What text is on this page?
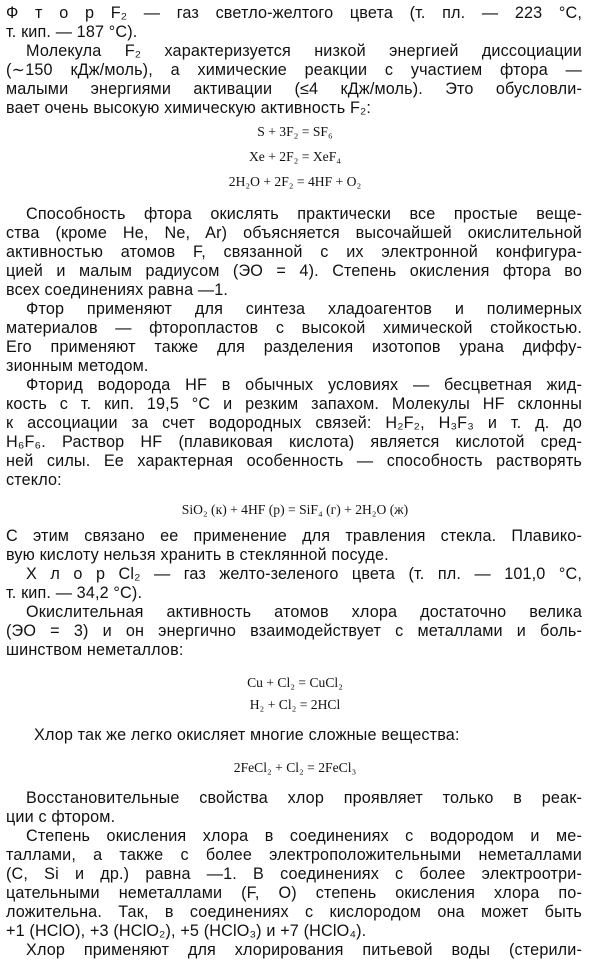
Ф т о р F₂ — газ светло-желтого цвета (т. пл. — 223 °С,
т. кип. — 187 °С).
Молекула F₂ характеризуется низкой энергией диссоциации
(∼150 кДж/моль), а химические реакции с участием фтора —
малыми энергиями активации (≤4 кДж/моль). Это обусловли-
вает очень высокую химическую активность F₂:
S + 3F₂ = SF₆
Xe + 2F₂ = XeF₄
2H₂O + 2F₂ = 4HF + O₂
Способность фтора окислять практически все простые веще-
ства (кроме He, Ne, Ar) объясняется высочайшей окислительной
активностью атомов F, связанной с их электронной конфигура-
цией и малым радиусом (ЭО = 4). Степень окисления фтора во
всех соединениях равна —1.
Фтор применяют для синтеза хладоагентов и полимерных
материалов — фторопластов с высокой химической стойкостью.
Его применяют также для разделения изотопов урана диффу-
зионным методом.
Фторид водорода HF в обычных условиях — бесцветная жид-
кость с т. кип. 19,5 °С и резким запахом. Молекулы HF склонны
к ассоциации за счет водородных связей: H₂F₂, H₃F₃ и т. д. до
H₆F₆. Раствор HF (плавиковая кислота) является кислотой сред-
ней силы. Ее характерная особенность — способность растворять
стекло:
SiO₂ (к) + 4HF (р) = SiF₄ (г) + 2H₂O (ж)
С этим связано ее применение для травления стекла. Плавико-
вую кислоту нельзя хранить в стеклянной посуде.
Х л о р Cl₂ — газ желто-зеленого цвета (т. пл. — 101,0 °С,
т. кип. — 34,2 °С).
Окислительная активность атомов хлора достаточно велика
(ЭО = 3) и он энергично взаимодействует с металлами и боль-
шинством неметаллов:
Cu + Cl₂ = CuCl₂
H₂ + Cl₂ = 2HCl
Хлор так же легко окисляет многие сложные вещества:
2FeCl₂ + Cl₂ = 2FeCl₃
Восстановительные свойства хлор проявляет только в реак-
ции с фтором.
Степень окисления хлора в соединениях с водородом и ме-
таллами, а также с более электроположительными неметаллами
(C, Si и др.) равна —1. В соединениях с более электроотри-
цательными неметаллами (F, O) степень окисления хлора по-
ложительна. Так, в соединениях с кислородом она может быть
+1 (HClO), +3 (HClO₂), +5 (HClO₃) и +7 (HClO₄).
Хлор применяют для хлорирования питьевой воды (стерили-
